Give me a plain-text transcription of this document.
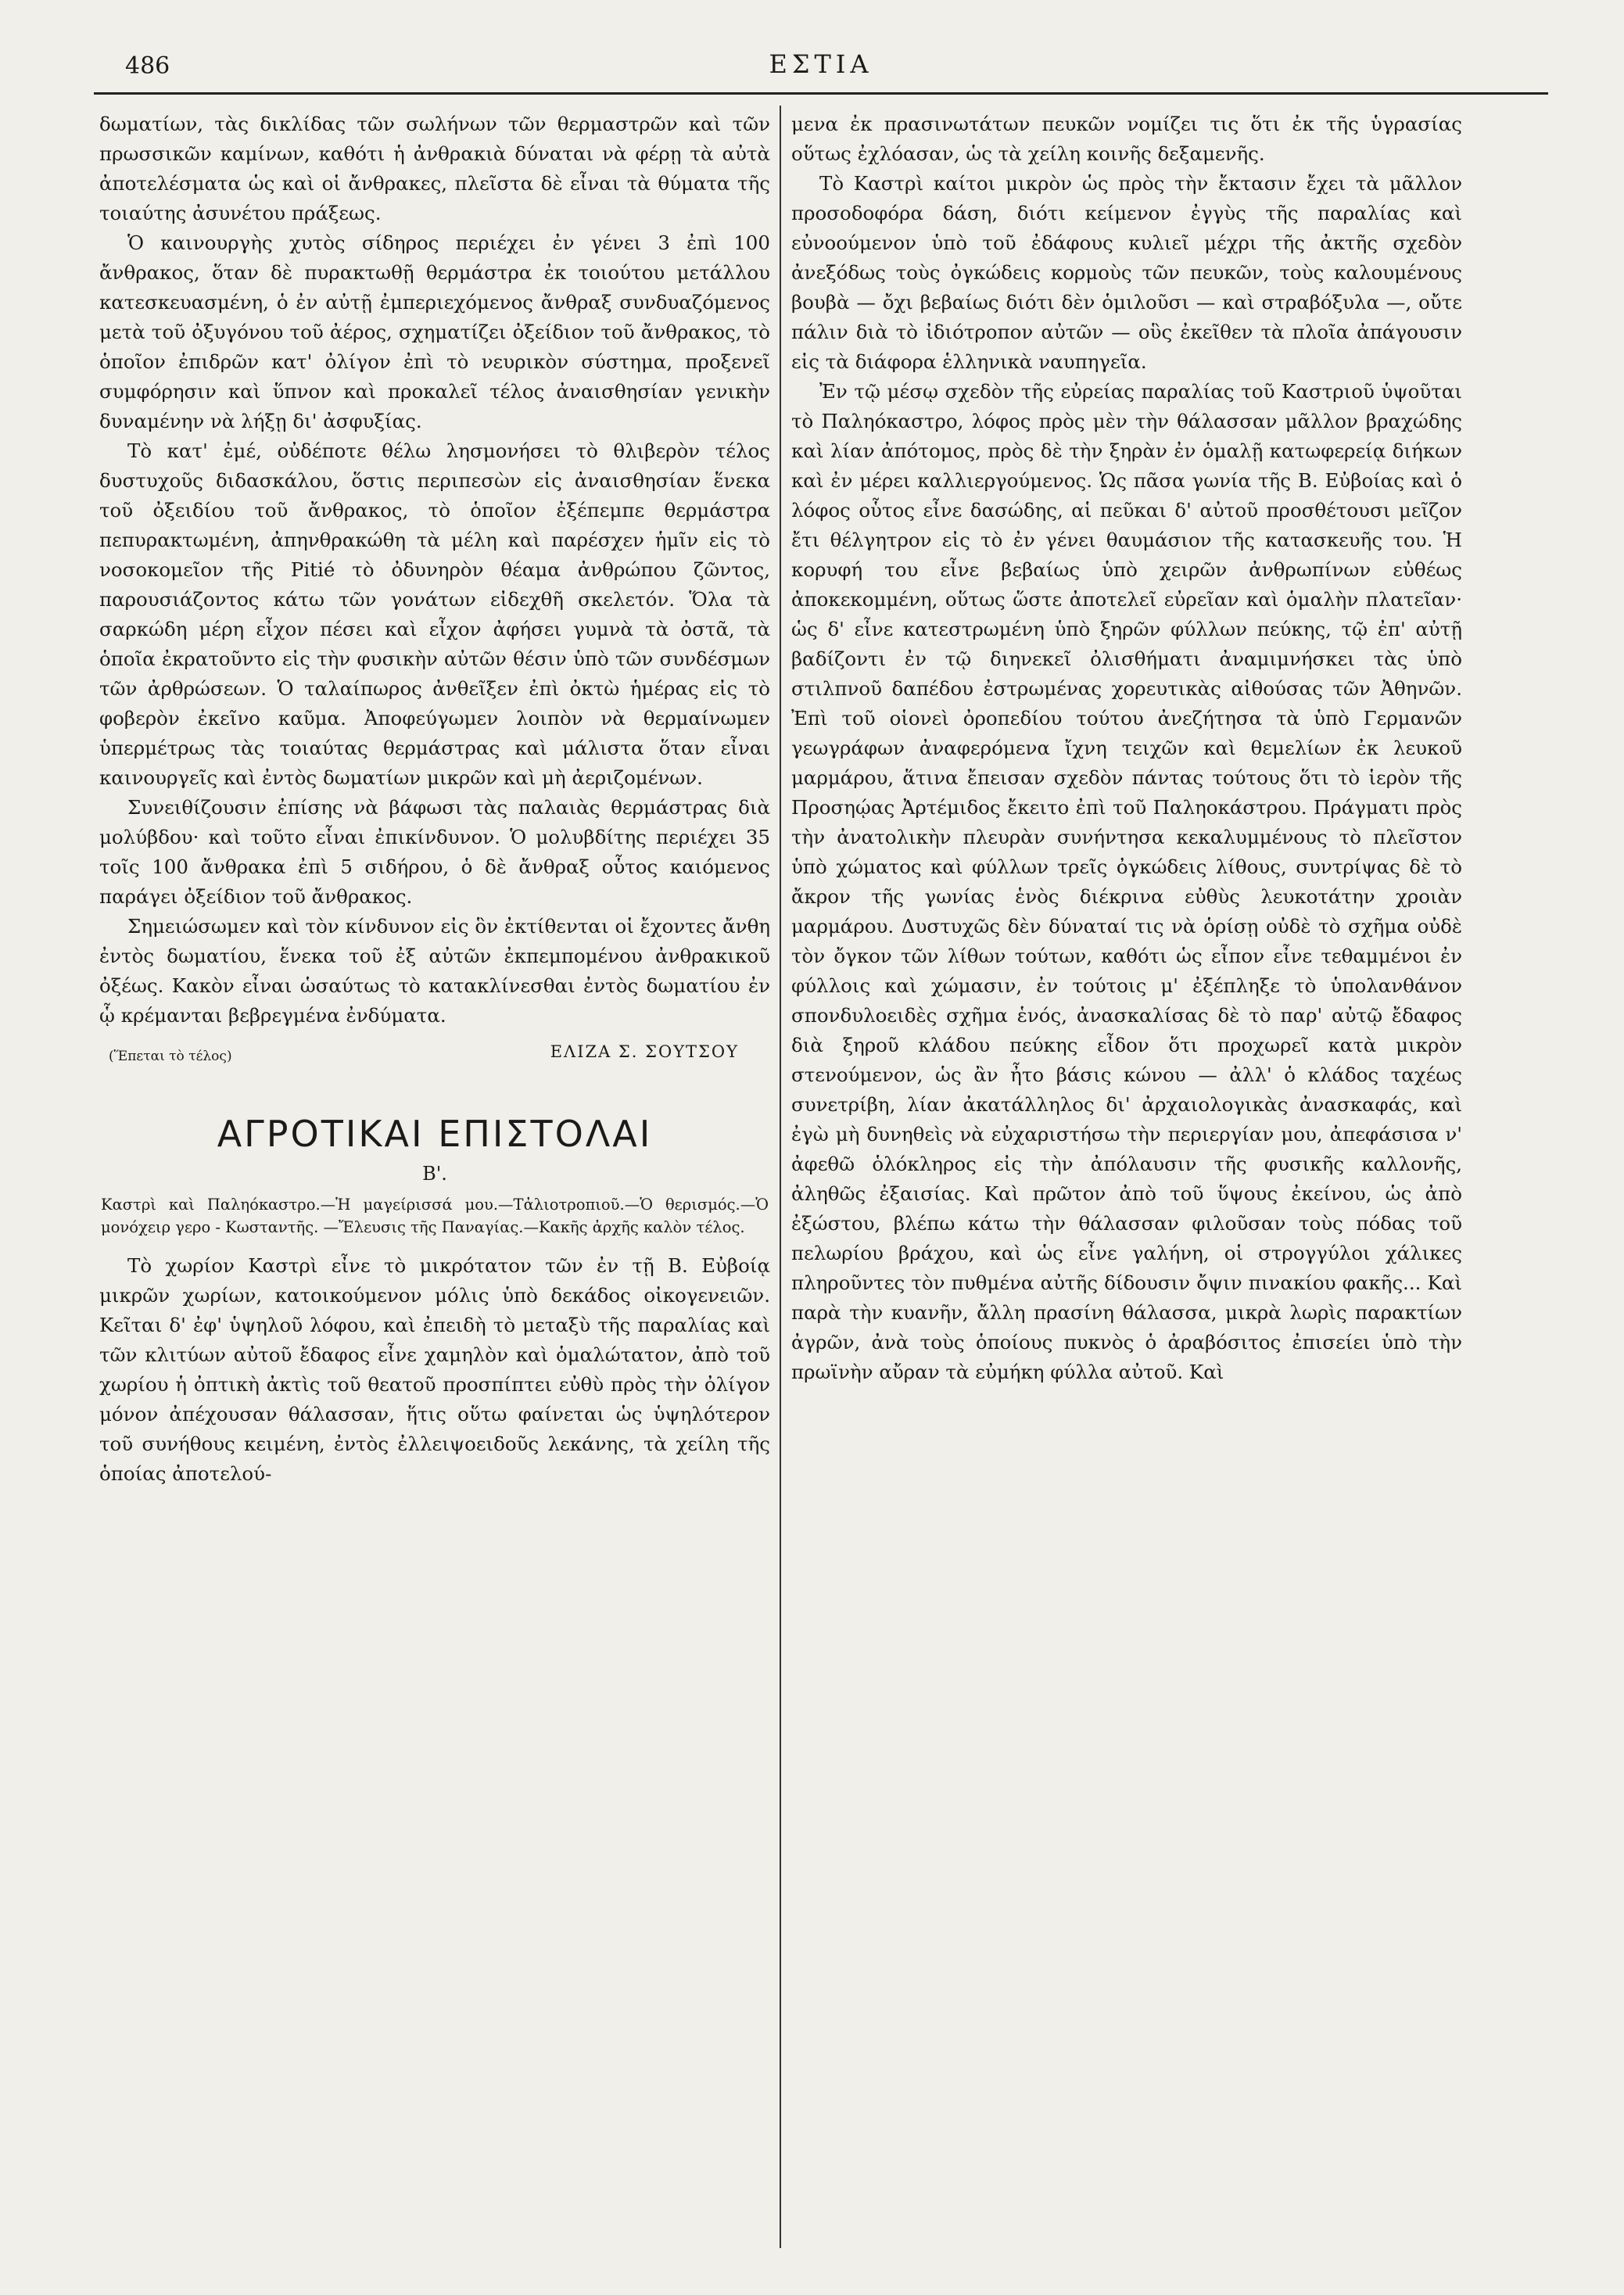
486	ΕΣΤΙΑ

δωματίων, τὰς δικλίδας τῶν σωλήνων τῶν θερμαστρῶν καὶ τῶν πρωσσικῶν καμίνων, καθότι ἡ ἀνθρακιὰ δύναται νὰ φέρῃ τὰ αὐτὰ ἀποτελέσματα ὡς καὶ οἱ ἄνθρακες, πλεῖστα δὲ εἶναι τὰ θύματα τῆς τοιαύτης ἀσυνέτου πράξεως.

Ὁ καινουργὴς χυτὸς σίδηρος περιέχει ἐν γένει 3 ἐπὶ 100 ἄνθρακος, ὅταν δὲ πυρακτωθῇ θερμάστρα ἐκ τοιούτου μετάλλου κατεσκευασμένη, ὁ ἐν αὐτῇ ἐμπεριεχόμενος ἄνθραξ συνδυαζόμενος μετὰ τοῦ ὀξυγόνου τοῦ ἀέρος, σχηματίζει ὀξείδιον τοῦ ἄνθρακος, τὸ ὁποῖον ἐπιδρῶν κατ' ὀλίγον ἐπὶ τὸ νευρικὸν σύστημα, προξενεῖ συμφόρησιν καὶ ὕπνον καὶ προκαλεῖ τέλος ἀναισθησίαν γενικὴν δυναμένην νὰ λήξῃ δι' ἀσφυξίας.

Τὸ κατ' ἐμέ, οὐδέποτε θέλω λησμονήσει τὸ θλιβερὸν τέλος δυστυχοῦς διδασκάλου, ὅστις περιπεσὼν εἰς ἀναισθησίαν ἕνεκα τοῦ ὀξειδίου τοῦ ἄνθρακος, τὸ ὁποῖον ἐξέπεμπε θερμάστρα πεπυρακτωμένη, ἀπηνθρακώθη τὰ μέλη καὶ παρέσχεν ἡμῖν εἰς τὸ νοσοκομεῖον τῆς Pitié τὸ ὀδυνηρὸν θέαμα ἀνθρώπου ζῶντος, παρουσιάζοντος κάτω τῶν γονάτων εἰδεχθῆ σκελετόν. Ὅλα τὰ σαρκώδη μέρη εἶχον πέσει καὶ εἶχον ἀφήσει γυμνὰ τὰ ὀστᾶ, τὰ ὁποῖα ἐκρατοῦντο εἰς τὴν φυσικὴν αὐτῶν θέσιν ὑπὸ τῶν συνδέσμων τῶν ἀρθρώσεων. Ὁ ταλαίπωρος ἀνθεῖξεν ἐπὶ ὀκτὼ ἡμέρας εἰς τὸ φοβερὸν ἐκεῖνο καῦμα. Ἀποφεύγωμεν λοιπὸν νὰ θερμαίνωμεν ὑπερμέτρως τὰς τοιαύτας θερμάστρας καὶ μάλιστα ὅταν εἶναι καινουργεῖς καὶ ἐντὸς δωματίων μικρῶν καὶ μὴ ἀεριζομένων.

Συνειθίζουσιν ἐπίσης νὰ βάφωσι τὰς παλαιὰς θερμάστρας διὰ μολύβδου· καὶ τοῦτο εἶναι ἐπικίνδυνον. Ὁ μολυβδίτης περιέχει 35 τοῖς 100 ἄνθρακα ἐπὶ 5 σιδήρου, ὁ δὲ ἄνθραξ οὗτος καιόμενος παράγει ὀξείδιον τοῦ ἄνθρακος.

Σημειώσωμεν καὶ τὸν κίνδυνον εἰς ὃν ἐκτίθενται οἱ ἔχοντες ἄνθη ἐντὸς δωματίου, ἕνεκα τοῦ ἐξ αὐτῶν ἐκπεμπομένου ἀνθρακικοῦ ὀξέως. Κακὸν εἶναι ὡσαύτως τὸ κατακλίνεσθαι ἐντὸς δωματίου ἐν ᾧ κρέμανται βεβρεγμένα ἐνδύματα.

(Ἕπεται τὸ τέλος)	ΕΛΙΖΑ Σ. ΣΟΥΤΣΟΥ
ΑΓΡΟΤΙΚΑΙ ΕΠΙΣΤΟΛΑΙ
Β'.
Καστρὶ καὶ Παληόκαστρο.—Ἡ μαγείρισσά μου.—Τἀλιοτροπιοῦ.—Ὁ θερισμός.—Ὁ μονόχειρ γερο - Κωσταντῆς. —Ἔλευσις τῆς Παναγίας.—Κακῆς ἀρχῆς καλὸν τέλος.

Τὸ χωρίον Καστρὶ εἶνε τὸ μικρότατον τῶν ἐν τῇ Β. Εὐβοίᾳ μικρῶν χωρίων, κατοικούμενον μόλις ὑπὸ δεκάδος οἰκογενειῶν. Κεῖται δ' ἐφ' ὑψηλοῦ λόφου, καὶ ἐπειδὴ τὸ μεταξὺ τῆς παραλίας καὶ τῶν κλιτύων αὐτοῦ ἔδαφος εἶνε χαμηλὸν καὶ ὁμαλώτατον, ἀπὸ τοῦ χωρίου ἡ ὀπτικὴ ἀκτὶς τοῦ θεατοῦ προσπίπτει εὐθὺ πρὸς τὴν ὀλίγον μόνον ἀπέχουσαν θάλασσαν, ἥτις οὕτω φαίνεται ὡς ὑψηλότερον τοῦ συνήθους κειμένη, ἐντὸς ἐλλειψοειδοῦς λεκάνης, τὰ χείλη τῆς ὁποίας ἀποτελού-

μενα ἐκ πρασινωτάτων πευκῶν νομίζει τις ὅτι ἐκ τῆς ὑγρασίας οὕτως ἐχλόασαν, ὡς τὰ χείλη κοινῆς δεξαμενῆς.

Τὸ Καστρὶ καίτοι μικρὸν ὡς πρὸς τὴν ἔκτασιν ἔχει τὰ μᾶλλον προσοδοφόρα δάση, διότι κείμενον ἐγγὺς τῆς παραλίας καὶ εὐνοούμενον ὑπὸ τοῦ ἐδάφους κυλιεῖ μέχρι τῆς ἀκτῆς σχεδὸν ἀνεξόδως τοὺς ὀγκώδεις κορμοὺς τῶν πευκῶν, τοὺς καλουμένους βουβὰ — ὄχι βεβαίως διότι δὲν ὁμιλοῦσι — καὶ στραβόξυλα —, οὔτε πάλιν διὰ τὸ ἰδιότροπον αὐτῶν — οὓς ἐκεῖθεν τὰ πλοῖα ἀπάγουσιν εἰς τὰ διάφορα ἑλληνικὰ ναυπηγεῖα.

Ἐν τῷ μέσῳ σχεδὸν τῆς εὐρείας παραλίας τοῦ Καστριοῦ ὑψοῦται τὸ Παληόκαστρο, λόφος πρὸς μὲν τὴν θάλασσαν μᾶλλον βραχώδης καὶ λίαν ἀπότομος, πρὸς δὲ τὴν ξηρὰν ἐν ὁμαλῇ κατωφερείᾳ διήκων καὶ ἐν μέρει καλλιεργούμενος. Ὡς πᾶσα γωνία τῆς Β. Εὐβοίας καὶ ὁ λόφος οὗτος εἶνε δασώδης, αἱ πεῦκαι δ' αὐτοῦ προσθέτουσι μεῖζον ἔτι θέλγητρον εἰς τὸ ἐν γένει θαυμάσιον τῆς κατασκευῆς του. Ἡ κορυφή του εἶνε βεβαίως ὑπὸ χειρῶν ἀνθρωπίνων εὐθέως ἀποκεκομμένη, οὕτως ὥστε ἀποτελεῖ εὐρεῖαν καὶ ὁμαλὴν πλατεῖαν· ὡς δ' εἶνε κατεστρωμένη ὑπὸ ξηρῶν φύλλων πεύκης, τῷ ἐπ' αὐτῇ βαδίζοντι ἐν τῷ διηνεκεῖ ὀλισθήματι ἀναμιμνήσκει τὰς ὑπὸ στιλπνοῦ δαπέδου ἐστρωμένας χορευτικὰς αἰθούσας τῶν Ἀθηνῶν. Ἐπὶ τοῦ οἱονεὶ ὀροπεδίου τούτου ἀνεζήτησα τὰ ὑπὸ Γερμανῶν γεωγράφων ἀναφερόμενα ἴχνη τειχῶν καὶ θεμελίων ἐκ λευκοῦ μαρμάρου, ἅτινα ἔπεισαν σχεδὸν πάντας τούτους ὅτι τὸ ἱερὸν τῆς Προσηῴας Ἀρτέμιδος ἔκειτο ἐπὶ τοῦ Παληοκάστρου. Πράγματι πρὸς τὴν ἀνατολικὴν πλευρὰν συνήντησα κεκαλυμμένους τὸ πλεῖστον ὑπὸ χώματος καὶ φύλλων τρεῖς ὀγκώδεις λίθους, συντρίψας δὲ τὸ ἄκρον τῆς γωνίας ἑνὸς διέκρινα εὐθὺς λευκοτάτην χροιὰν μαρμάρου. Δυστυχῶς δὲν δύναταί τις νὰ ὁρίσῃ οὐδὲ τὸ σχῆμα οὐδὲ τὸν ὄγκον τῶν λίθων τούτων, καθότι ὡς εἶπον εἶνε τεθαμμένοι ἐν φύλλοις καὶ χώμασιν, ἐν τούτοις μ' ἐξέπληξε τὸ ὑπολανθάνον σπονδυλοειδὲς σχῆμα ἑνός, ἀνασκαλίσας δὲ τὸ παρ' αὐτῷ ἔδαφος διὰ ξηροῦ κλάδου πεύκης εἶδον ὅτι προχωρεῖ κατὰ μικρὸν στενούμενον, ὡς ἂν ἦτο βάσις κώνου — ἀλλ' ὁ κλάδος ταχέως συνετρίβη, λίαν ἀκατάλληλος δι' ἀρχαιολογικὰς ἀνασκαφάς, καὶ ἐγὼ μὴ δυνηθεὶς νὰ εὐχαριστήσω τὴν περιεργίαν μου, ἀπεφάσισα ν' ἀφεθῶ ὁλόκληρος εἰς τὴν ἀπόλαυσιν τῆς φυσικῆς καλλονῆς, ἀληθῶς ἐξαισίας. Καὶ πρῶτον ἀπὸ τοῦ ὕψους ἐκείνου, ὡς ἀπὸ ἐξώστου, βλέπω κάτω τὴν θάλασσαν φιλοῦσαν τοὺς πόδας τοῦ πελωρίου βράχου, καὶ ὡς εἶνε γαλήνη, οἱ στρογγύλοι χάλικες πληροῦντες τὸν πυθμένα αὐτῆς δίδουσιν ὄψιν πινακίου φακῆς... Καὶ παρὰ τὴν κυανῆν, ἄλλη πρασίνη θάλασσα, μικρὰ λωρὶς παρακτίων ἀγρῶν, ἀνὰ τοὺς ὁποίους πυκνὸς ὁ ἀραβόσιτος ἐπισείει ὑπὸ τὴν πρωϊνὴν αὔραν τὰ εὐμήκη φύλλα αὐτοῦ. Καὶ
